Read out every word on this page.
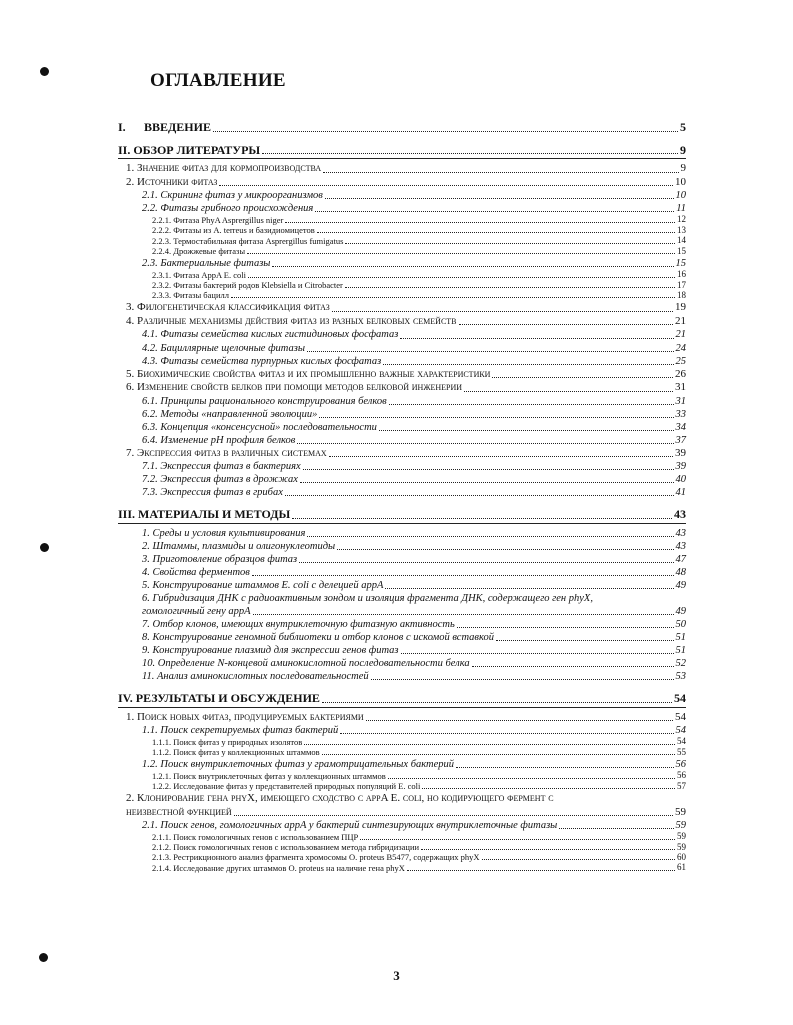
ОГЛАВЛЕНИЕ
I.	ВВЕДЕНИЕ	5
II. ОБЗОР ЛИТЕРАТУРЫ	9
1. Значение фитаз для кормопроизводства	9
2. Источники фитаз	10
2.1. Скрининг фитаз у микроорганизмов	10
2.2. Фитазы грибного происхождения	11
2.2.1. Фитаза PhyA Asprergillus niger	12
2.2.2. Фитазы из A. terreus и базидиомицетов	13
2.2.3. Термостабильная фитаза Asprergillus fumigatus	14
2.2.4. Дрожжевые фитазы	15
2.3. Бактериальные фитазы	15
2.3.1. Фитаза AppA E. coli	16
2.3.2. Фитазы бактерий родов Klebsiella и Citrobacter	17
2.3.3. Фитазы бацилл	18
3. Филогенетическая классификация фитаз	19
4. Различные механизмы действия фитаз из разных белковых семейств	21
4.1. Фитазы семейства кислых гистидиновых фосфатаз	21
4.2. Бациллярные щелочные фитазы	24
4.3. Фитазы семейства пурпурных кислых фосфатаз	25
5. Биохимические свойства фитаз и их промышленно важные характеристики	26
6. Изменение свойств белков при помощи методов белковой инженерии	31
6.1. Принципы рационального конструирования белков	31
6.2. Методы «направленной эволюции»	33
6.3. Концепция «консенсусной» последовательности	34
6.4. Изменение pH профиля белков	37
7. Экспрессия фитаз в различных системах	39
7.1. Экспрессия фитаз в бактериях	39
7.2. Экспрессия фитаз в дрожжах	40
7.3. Экспрессия фитаз в грибах	41
III. МАТЕРИАЛЫ И МЕТОДЫ	43
1. Среды и условия культивирования	43
2. Штаммы, плазмиды и олигонуклеотиды	43
3. Приготовление образцов фитаз	47
4. Свойства ферментов	48
5. Конструирование штаммов E. coli с делецией appA	49
6. Гибридизация ДНК с радиоактивным зондом и изоляция фрагмента ДНК, содержащего ген phyX,
гомологичный гену appA	49
7. Отбор клонов, имеющих внутриклеточную фитазную активность	50
8. Конструирование геномной библиотеки и отбор клонов с искомой вставкой	51
9. Конструирование плазмид для экспрессии генов фитаз	51
10. Определение N-концевой аминокислотной последовательности белка	52
11. Анализ аминокислотных последовательностей	53
IV. РЕЗУЛЬТАТЫ И ОБСУЖДЕНИЕ	54
1. Поиск новых фитаз, продуцируемых бактериями	54
1.1. Поиск секретируемых фитаз бактерий	54
1.1.1. Поиск фитаз у природных изолятов	54
1.1.2. Поиск фитаз у коллекционных штаммов	55
1.2. Поиск внутриклеточных фитаз у грамотрицательных бактерий	56
1.2.1. Поиск внутриклеточных фитаз у коллекционных штаммов	56
1.2.2. Исследование фитаз у представителей природных популяций E. coli	57
2. Клонирование гена phyX, имеющего сходство с appA E. coli, но кодирующего фермент с
неизвестной функцией	59
2.1. Поиск генов, гомологичных appA у бактерий синтезирующих внутриклеточные фитазы	59
2.1.1. Поиск гомологичных генов с использованием ПЦР	59
2.1.2. Поиск гомологичных генов с использованием метода гибридизации	59
2.1.3. Рестрикционного анализ фрагмента хромосомы O. proteus B5477, содержащих phyX	60
2.1.4. Исследование других штаммов O. proteus на наличие гена phyX	61
3
